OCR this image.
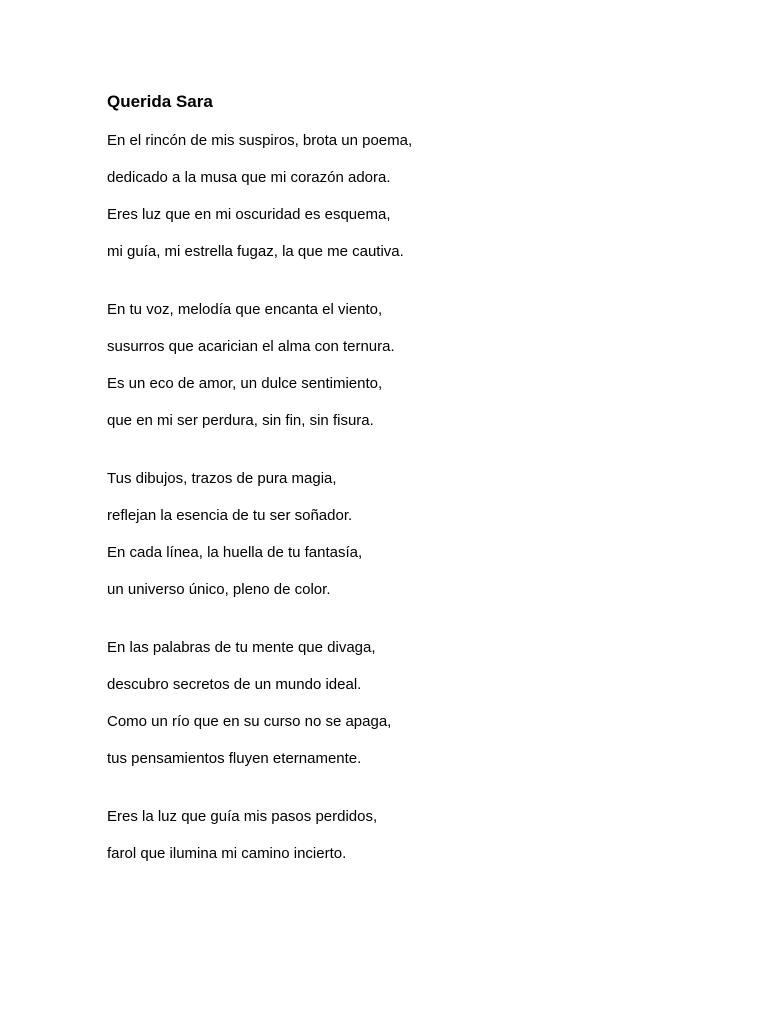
Querida Sara
En el rincón de mis suspiros, brota un poema,
dedicado a la musa que mi corazón adora.
Eres luz que en mi oscuridad es esquema,
mi guía, mi estrella fugaz, la que me cautiva.
En tu voz, melodía que encanta el viento,
susurros que acarician el alma con ternura.
Es un eco de amor, un dulce sentimiento,
que en mi ser perdura, sin fin, sin fisura.
Tus dibujos, trazos de pura magia,
reflejan la esencia de tu ser soñador.
En cada línea, la huella de tu fantasía,
un universo único, pleno de color.
En las palabras de tu mente que divaga,
descubro secretos de un mundo ideal.
Como un río que en su curso no se apaga,
tus pensamientos fluyen eternamente.
Eres la luz que guía mis pasos perdidos,
farol que ilumina mi camino incierto.
